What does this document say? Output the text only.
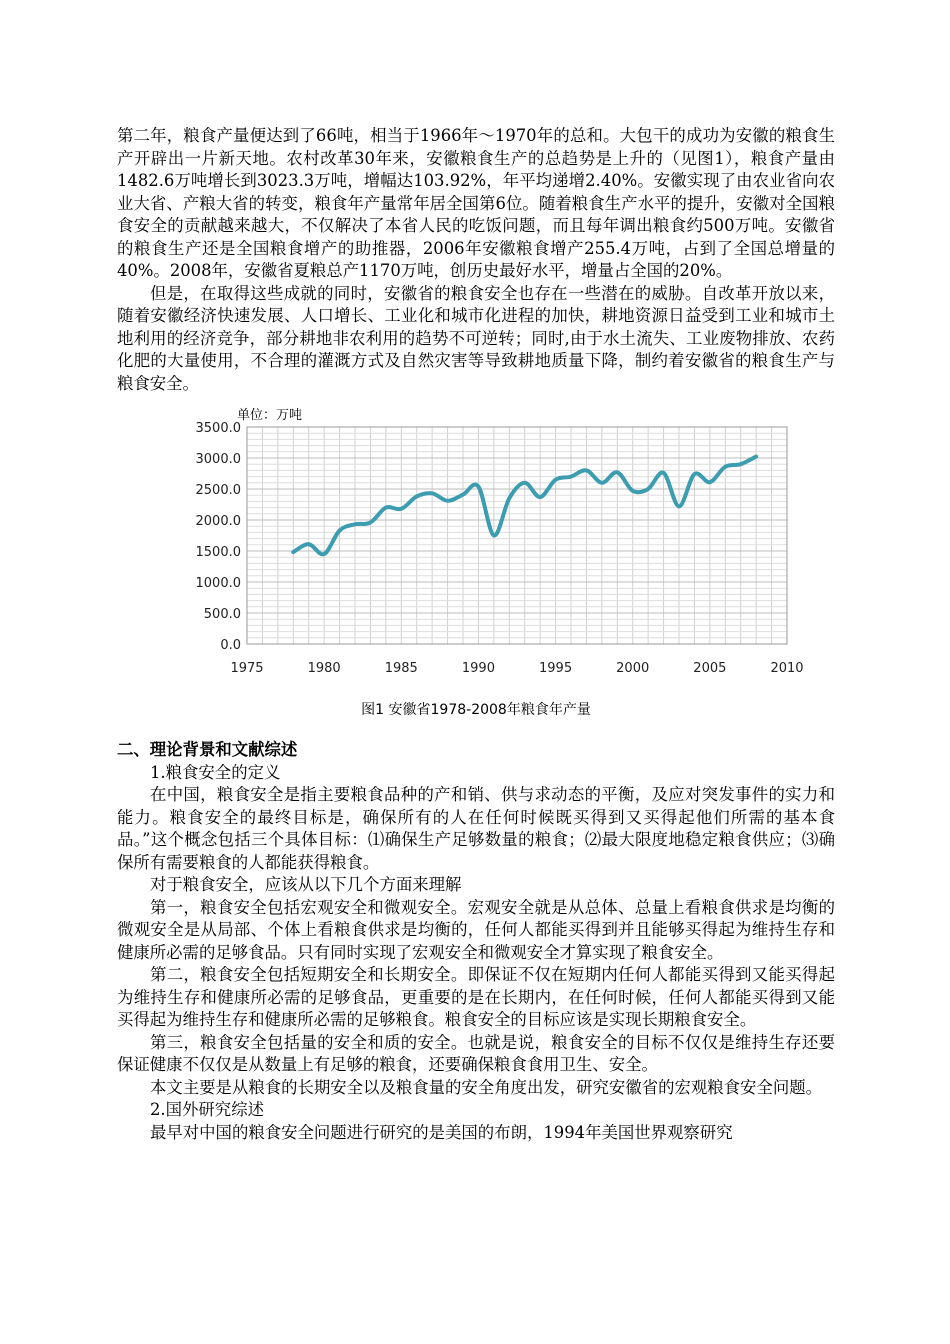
第二年，粮食产量便达到了66吨，相当于1966年～1970年的总和。大包干的成功为安徽的粮食生产开辟出一片新天地。农村改革30年来，安徽粮食生产的总趋势是上升的（见图1），粮食产量由1482.6万吨增长到3023.3万吨，增幅达103.92%，年平均递增2.40%。安徽实现了由农业省向农业大省、产粮大省的转变，粮食年产量常年居全国第6位。随着粮食生产水平的提升，安徽对全国粮食安全的贡献越来越大，不仅解决了本省人民的吃饭问题，而且每年调出粮食约500万吨。安徽省的粮食生产还是全国粮食增产的助推器，2006年安徽粮食增产255.4万吨，占到了全国总增量的40%。2008年，安徽省夏粮总产1170万吨，创历史最好水平，增量占全国的20%。

但是，在取得这些成就的同时，安徽省的粮食安全也存在一些潜在的威胁。自改革开放以来，随着安徽经济快速发展、人口增长、工业化和城市化进程的加快，耕地资源日益受到工业和城市土地利用的经济竞争，部分耕地非农利用的趋势不可逆转；同时,由于水土流失、工业废物排放、农药化肥的大量使用，不合理的灌溉方式及自然灾害等导致耕地质量下降，制约着安徽省的粮食生产与粮食安全。

0.0
500.0
1000.0
1500.0
2000.0
2500.0
3000.0
3500.0
1975	1980	1985	1990	1995	2000	2005	2010
单位：万吨
图1 安徽省1978-2008年粮食年产量

二、理论背景和文献综述

1.粮食安全的定义

在中国，粮食安全是指主要粮食品种的产和销、供与求动态的平衡，及应对突发事件的实力和能力。粮食安全的最终目标是，确保所有的人在任何时候既买得到又买得起他们所需的基本食品。”这个概念包括三个具体目标：⑴确保生产足够数量的粮食；⑵最大限度地稳定粮食供应；⑶确保所有需要粮食的人都能获得粮食。

对于粮食安全，应该从以下几个方面来理解

第一，粮食安全包括宏观安全和微观安全。宏观安全就是从总体、总量上看粮食供求是均衡的微观安全是从局部、个体上看粮食供求是均衡的，任何人都能买得到并且能够买得起为维持生存和健康所必需的足够食品。只有同时实现了宏观安全和微观安全才算实现了粮食安全。

第二，粮食安全包括短期安全和长期安全。即保证不仅在短期内任何人都能买得到又能买得起为维持生存和健康所必需的足够食品，更重要的是在长期内，在任何时候，任何人都能买得到又能买得起为维持生存和健康所必需的足够粮食。粮食安全的目标应该是实现长期粮食安全。

第三，粮食安全包括量的安全和质的安全。也就是说，粮食安全的目标不仅仅是维持生存还要保证健康不仅仅是从数量上有足够的粮食，还要确保粮食食用卫生、安全。

本文主要是从粮食的长期安全以及粮食量的安全角度出发，研究安徽省的宏观粮食安全问题。

2.国外研究综述

最早对中国的粮食安全问题进行研究的是美国的布朗，1994年美国世界观察研究
